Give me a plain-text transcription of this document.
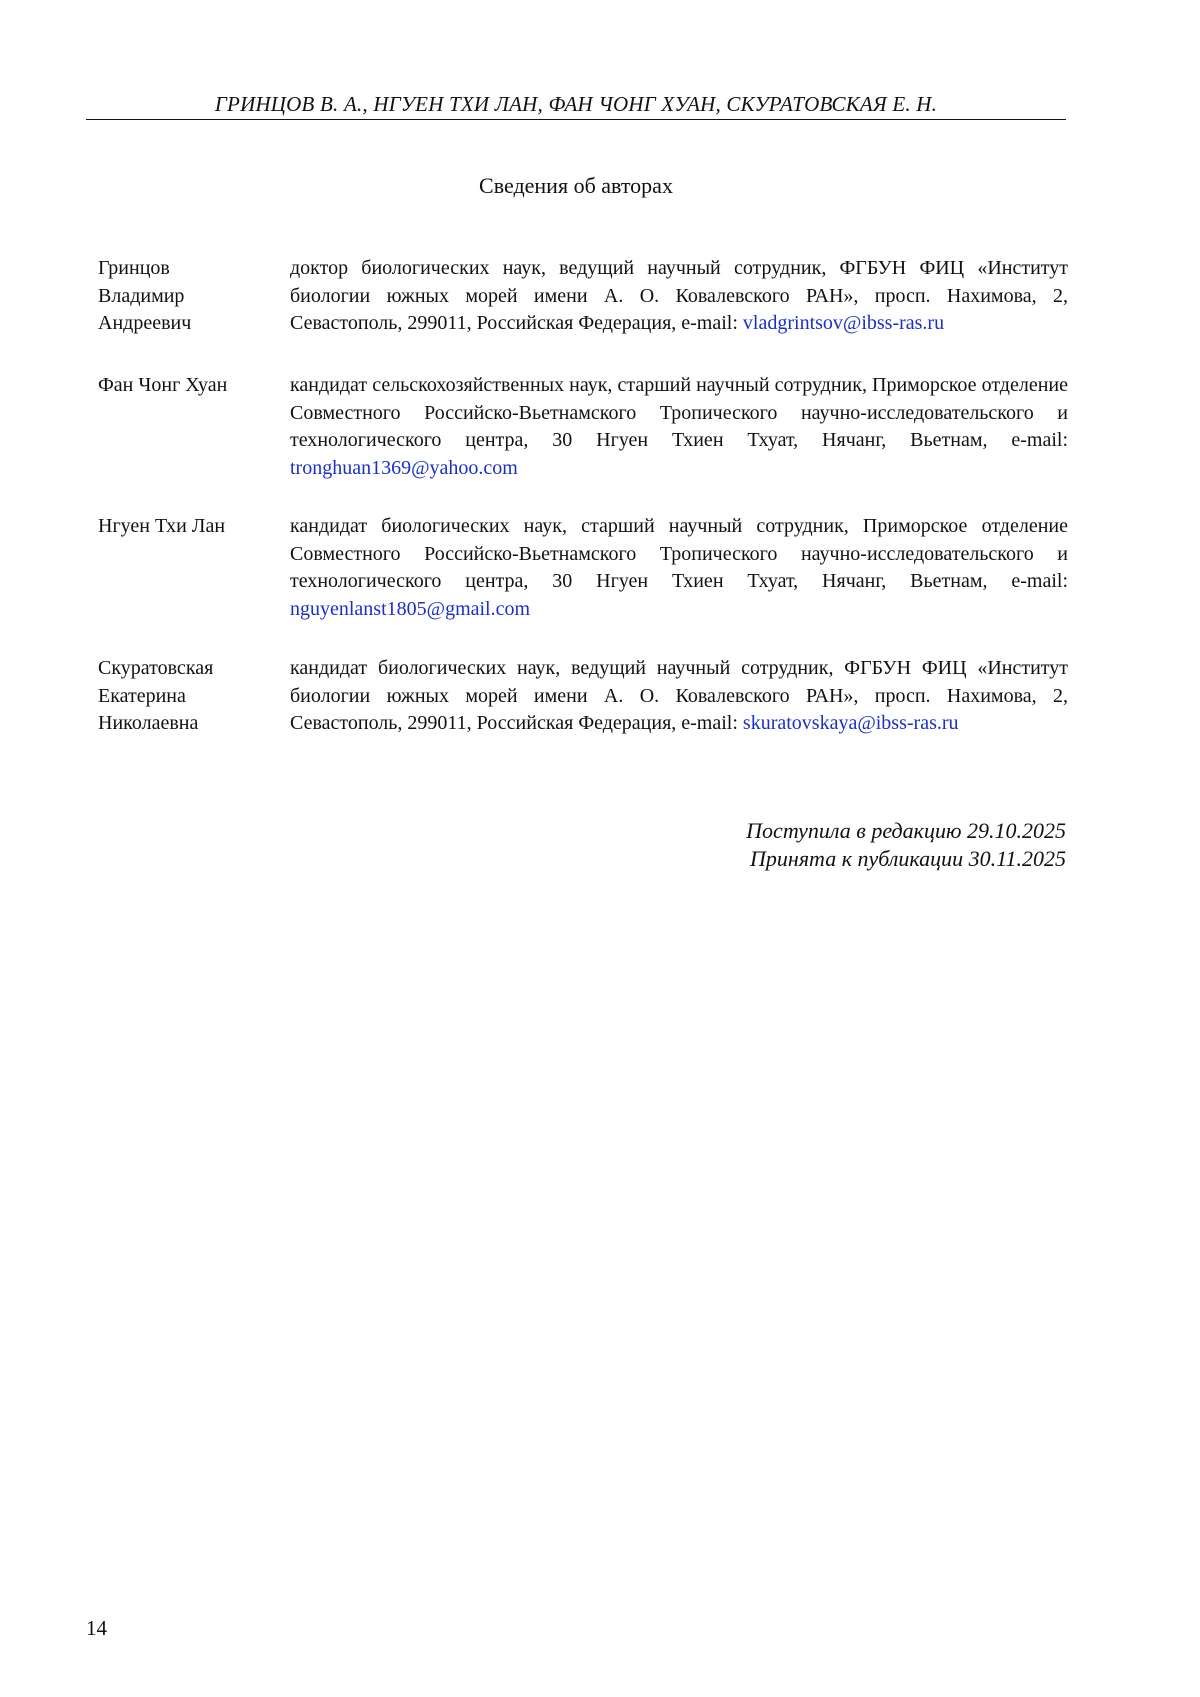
ГРИНЦОВ В. А., НГУЕН ТХИ ЛАН, ФАН ЧОНГ ХУАН, СКУРАТОВСКАЯ Е. Н.
Сведения об авторах
Гринцов
Владимир
Андреевич
доктор биологических наук, ведущий научный сотрудник, ФГБУН ФИЦ «Институт биологии южных морей имени А. О. Ковалевского РАН», просп. Нахимова, 2, Севастополь, 299011, Российская Федерация, e-mail: vladgrintsov@ibss-ras.ru
Фан Чонг Хуан	кандидат сельскохозяйственных наук, старший научный сотрудник, Приморское отделение Совместного Российско-Вьетнамского Тропического научно-исследовательского и технологического центра, 30 Нгуен Тхиен Тхуат, Нячанг, Вьетнам, e-mail: tronghuan1369@yahoo.com
Нгуен Тхи Лан	кандидат биологических наук, старший научный сотрудник, Приморское отделение Совместного Российско-Вьетнамского Тропического научно-исследовательского и технологического центра, 30 Нгуен Тхиен Тхуат, Нячанг, Вьетнам, e-mail: nguyenlanst1805@gmail.com
Скуратовская
Екатерина
Николаевна
кандидат биологических наук, ведущий научный сотрудник, ФГБУН ФИЦ «Институт биологии южных морей имени А. О. Ковалевского РАН», просп. Нахимова, 2, Севастополь, 299011, Российская Федерация, e-mail: skuratovskaya@ibss-ras.ru
Поступила в редакцию 29.10.2025
Принята к публикации 30.11.2025
14
